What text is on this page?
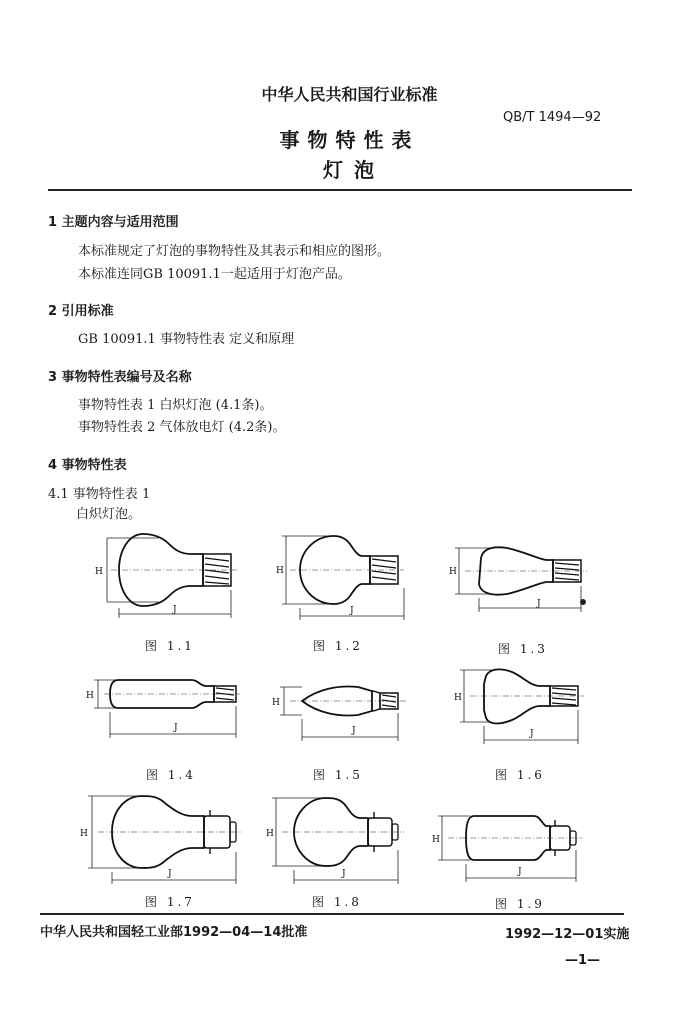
中华人民共和国行业标准
QB/T 1494—92
事物特性表
灯 泡
1 主题内容与适用范围
本标准规定了灯泡的事物特性及其表示和相应的图形。
本标准连同GB 10091.1一起适用于灯泡产品。
2 引用标准
GB 10091.1 事物特性表 定义和原理
3 事物特性表编号及名称
事物特性表 1 白炽灯泡 (4.1条)。
事物特性表 2 气体放电灯 (4.2条)。
4 事物特性表
4.1 事物特性表 1
白炽灯泡。
H
J
图 1.1
H
J
图 1.2
H
J
图 1.3
H
J
图 1.4
H
J
图 1.5
H
J
图 1.6
H
J
图 1.7
H
J
图 1.8
H
J
图 1.9
中华人民共和国轻工业部1992—04—14批准	1992—12—01实施
—1—
